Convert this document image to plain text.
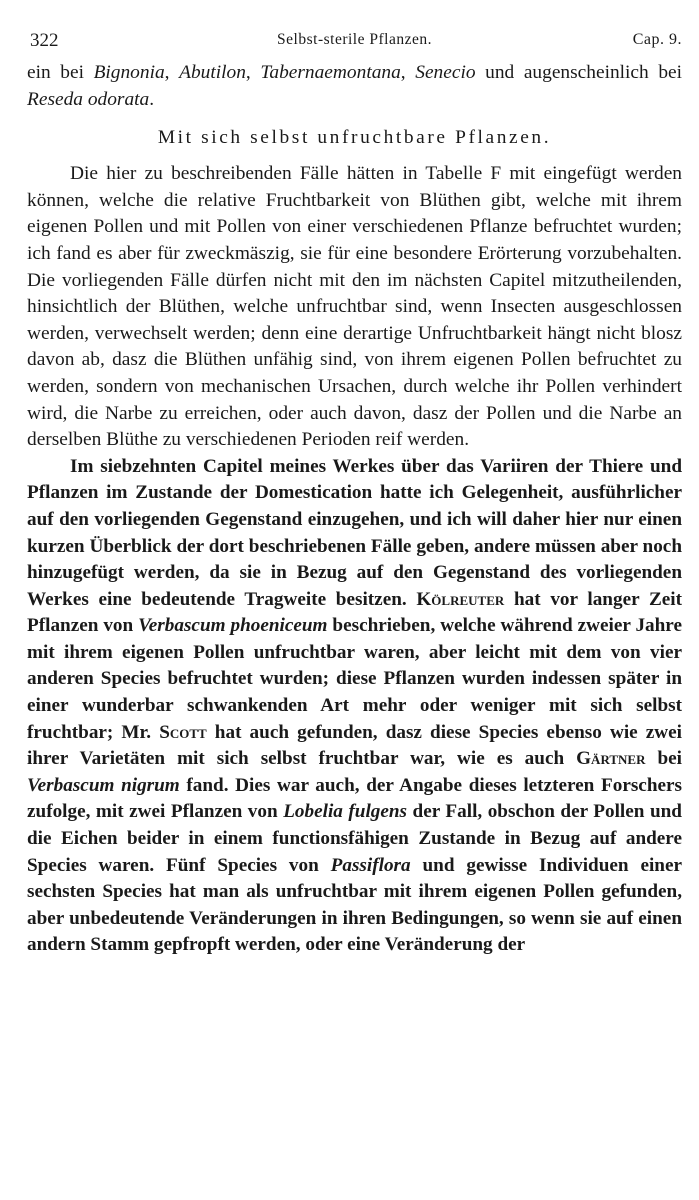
322	Selbst-sterile Pflanzen.	Cap. 9.

ein bei Bignonia, Abutilon, Tabernaemontana, Senecio und augenscheinlich bei Reseda odorata.

Mit sich selbst unfruchtbare Pflanzen.

Die hier zu beschreibenden Fälle hätten in Tabelle F mit eingefügt werden können, welche die relative Fruchtbarkeit von Blüthen gibt, welche mit ihrem eigenen Pollen und mit Pollen von einer verschiedenen Pflanze befruchtet wurden; ich fand es aber für zweckmäszig, sie für eine besondere Erörterung vorzubehalten. Die vorliegenden Fälle dürfen nicht mit den im nächsten Capitel mitzutheilenden, hinsichtlich der Blüthen, welche unfruchtbar sind, wenn Insecten ausgeschlossen werden, verwechselt werden; denn eine derartige Unfruchtbarkeit hängt nicht blosz davon ab, dasz die Blüthen unfähig sind, von ihrem eigenen Pollen befruchtet zu werden, sondern von mechanischen Ursachen, durch welche ihr Pollen verhindert wird, die Narbe zu erreichen, oder auch davon, dasz der Pollen und die Narbe an derselben Blüthe zu verschiedenen Perioden reif werden.

Im siebzehnten Capitel meines Werkes über das Variiren der Thiere und Pflanzen im Zustande der Domestication hatte ich Gelegenheit, ausführlicher auf den vorliegenden Gegenstand einzugehen, und ich will daher hier nur einen kurzen Überblick der dort beschriebenen Fälle geben, andere müssen aber noch hinzugefügt werden, da sie in Bezug auf den Gegenstand des vorliegenden Werkes eine bedeutende Tragweite besitzen. Kölreuter hat vor langer Zeit Pflanzen von Verbascum phoeniceum beschrieben, welche während zweier Jahre mit ihrem eigenen Pollen unfruchtbar waren, aber leicht mit dem von vier anderen Species befruchtet wurden; diese Pflanzen wurden indessen später in einer wunderbar schwankenden Art mehr oder weniger mit sich selbst fruchtbar; Mr. Scott hat auch gefunden, dasz diese Species ebenso wie zwei ihrer Varietäten mit sich selbst fruchtbar war, wie es auch Gärtner bei Verbascum nigrum fand. Dies war auch, der Angabe dieses letzteren Forschers zufolge, mit zwei Pflanzen von Lobelia fulgens der Fall, obschon der Pollen und die Eichen beider in einem functionsfähigen Zustande in Bezug auf andere Species waren. Fünf Species von Passiflora und gewisse Individuen einer sechsten Species hat man als unfruchtbar mit ihrem eigenen Pollen gefunden, aber unbedeutende Veränderungen in ihren Bedingungen, so wenn sie auf einen andern Stamm gepfropft werden, oder eine Veränderung der
